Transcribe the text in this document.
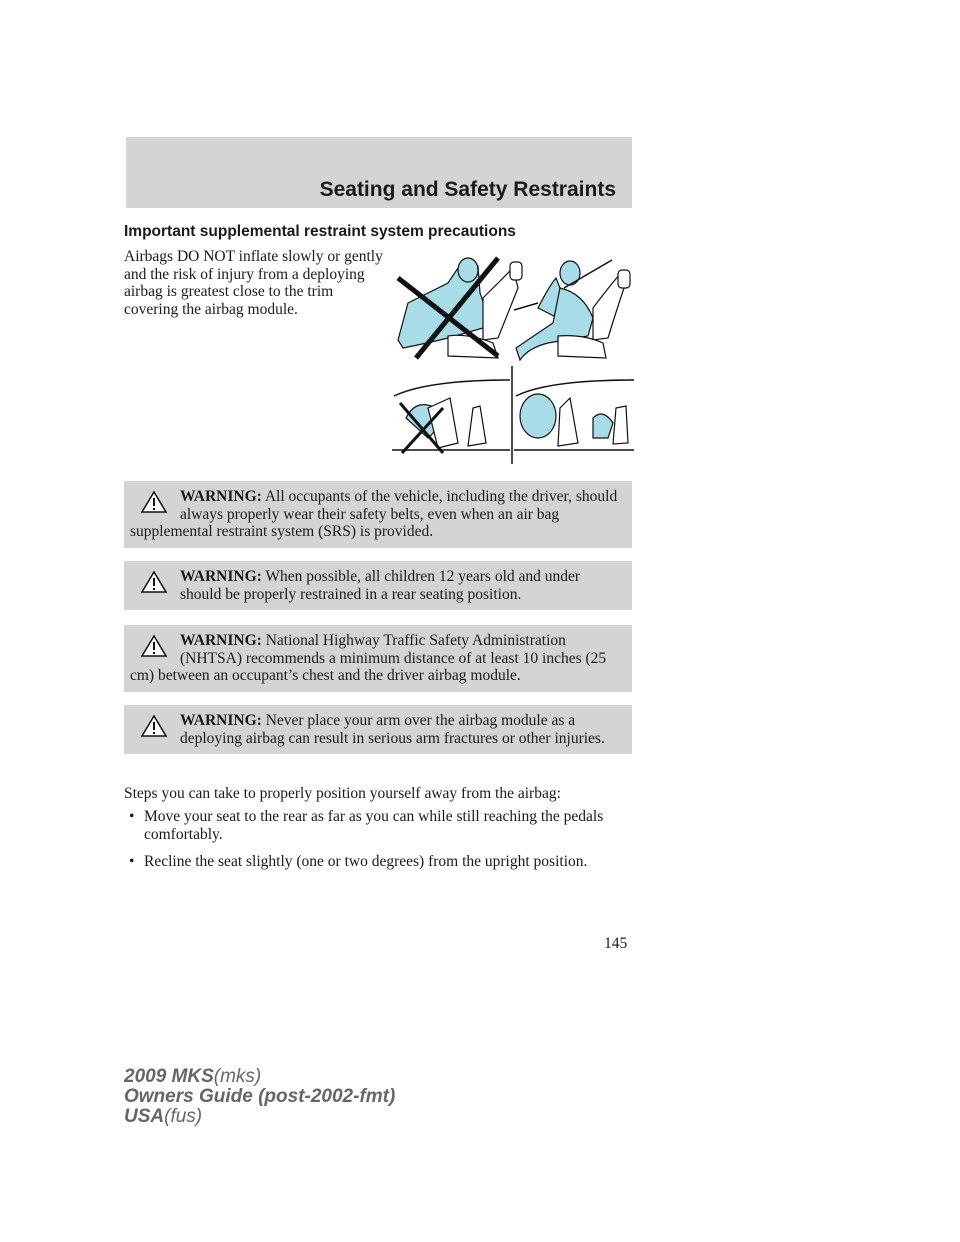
Seating and Safety Restraints
Important supplemental restraint system precautions
Airbags DO NOT inflate slowly or gently and the risk of injury from a deploying airbag is greatest close to the trim covering the airbag module.
WARNING: All occupants of the vehicle, including the driver, should always properly wear their safety belts, even when an air bag supplemental restraint system (SRS) is provided.
WARNING: When possible, all children 12 years old and under should be properly restrained in a rear seating position.
WARNING: National Highway Traffic Safety Administration (NHTSA) recommends a minimum distance of at least 10 inches (25 cm) between an occupant’s chest and the driver airbag module.
WARNING: Never place your arm over the airbag module as a deploying airbag can result in serious arm fractures or other injuries.
Steps you can take to properly position yourself away from the airbag:
• Move your seat to the rear as far as you can while still reaching the pedals comfortably.
• Recline the seat slightly (one or two degrees) from the upright position.
145
2009 MKS(mks)
Owners Guide (post-2002-fmt)
USA(fus)
